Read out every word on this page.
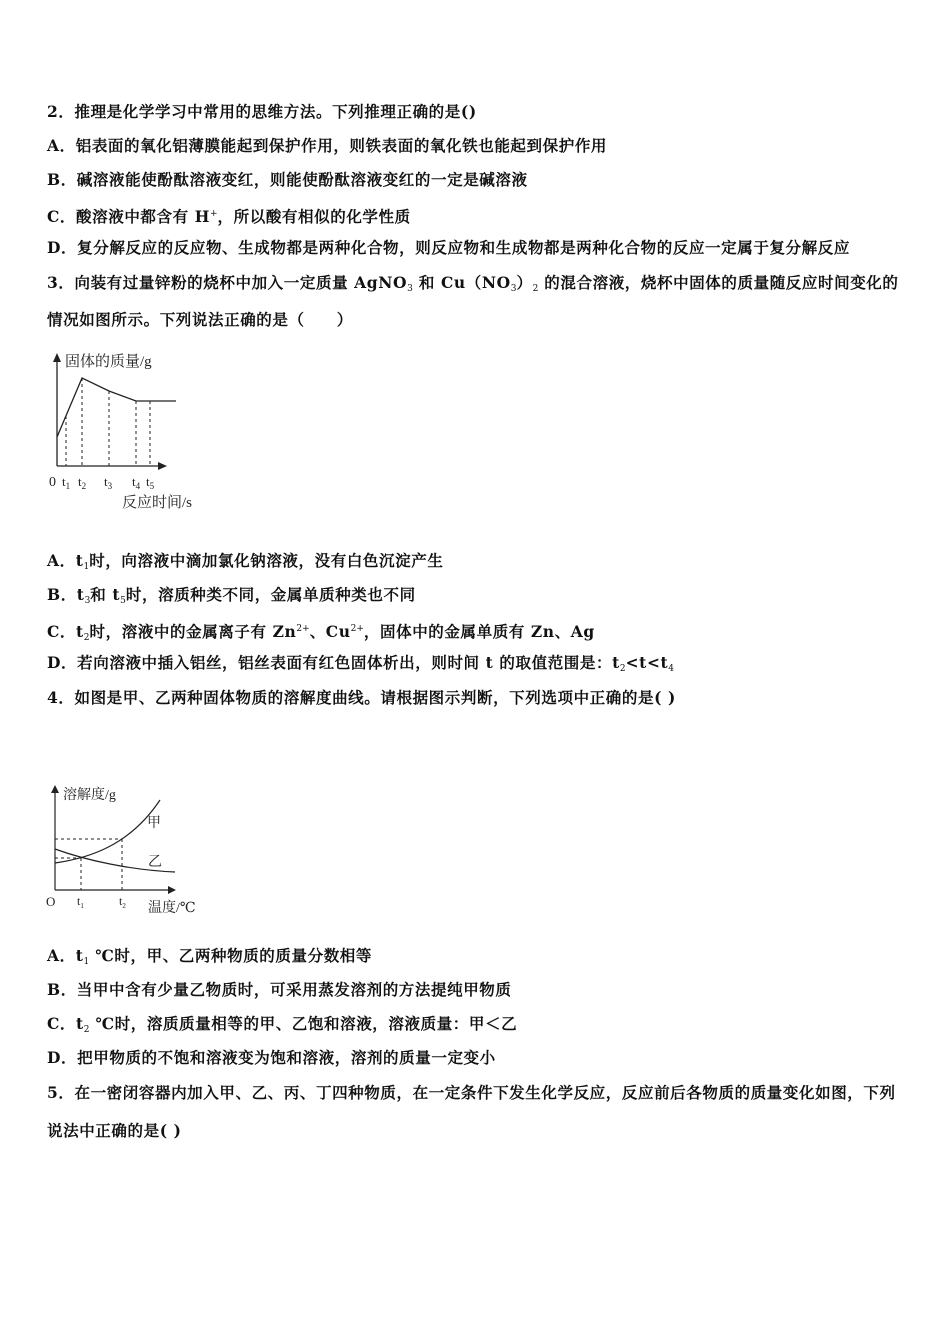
2．推理是化学学习中常用的思维方法。下列推理正确的是()
A．铝表面的氧化铝薄膜能起到保护作用，则铁表面的氧化铁也能起到保护作用
B．碱溶液能使酚酞溶液变红，则能使酚酞溶液变红的一定是碱溶液
C．酸溶液中都含有 H+，所以酸有相似的化学性质
D．复分解反应的反应物、生成物都是两种化合物，则反应物和生成物都是两种化合物的反应一定属于复分解反应
3．向装有过量锌粉的烧杯中加入一定质量 AgNO$_3$ 和 $Cu(NO_3)_2$ 的混合溶液，烧杯中固体的质量随反应时间变化的
情况如图所示。下列说法正确的是（　　）
A．$t_1$时，向溶液中滴加氯化钠溶液，没有白色沉淀产生
B．$t_3$和 $t_5$时，溶质种类不同，金属单质种类也不同
C．$t_2$时，溶液中的金属离子有 $Zn^{2+}$、$Cu^{2+}$，固体中的金属单质有 Zn、Ag
D．若向溶液中插入铝丝，铝丝表面有红色固体析出，则时间 t 的取值范围是：$t_2<t<t_4$
4．如图是甲、乙两种固体物质的溶解度曲线。请根据图示判断，下列选项中正确的是( )
A．$t_1$ ℃时，甲、乙两种物质的质量分数相等
B．当甲中含有少量乙物质时，可采用蒸发溶剂的方法提纯甲物质
C．$t_2$ ℃时，溶质质量相等的甲、乙饱和溶液，溶液质量：甲＜乙
D．把甲物质的不饱和溶液变为饱和溶液，溶剂的质量一定变小
5．在一密闭容器内加入甲、乙、丙、丁四种物质，在一定条件下发生化学反应，反应前后各物质的质量变化如图，下列
说法中正确的是( )
固体的质量/g
0 $t_1$ $t_2$ $t_3$ $t_4$ $t_5$
反应时间/s
溶解度/g
甲
乙
O $t_1$	$t_2$ 温度/℃
